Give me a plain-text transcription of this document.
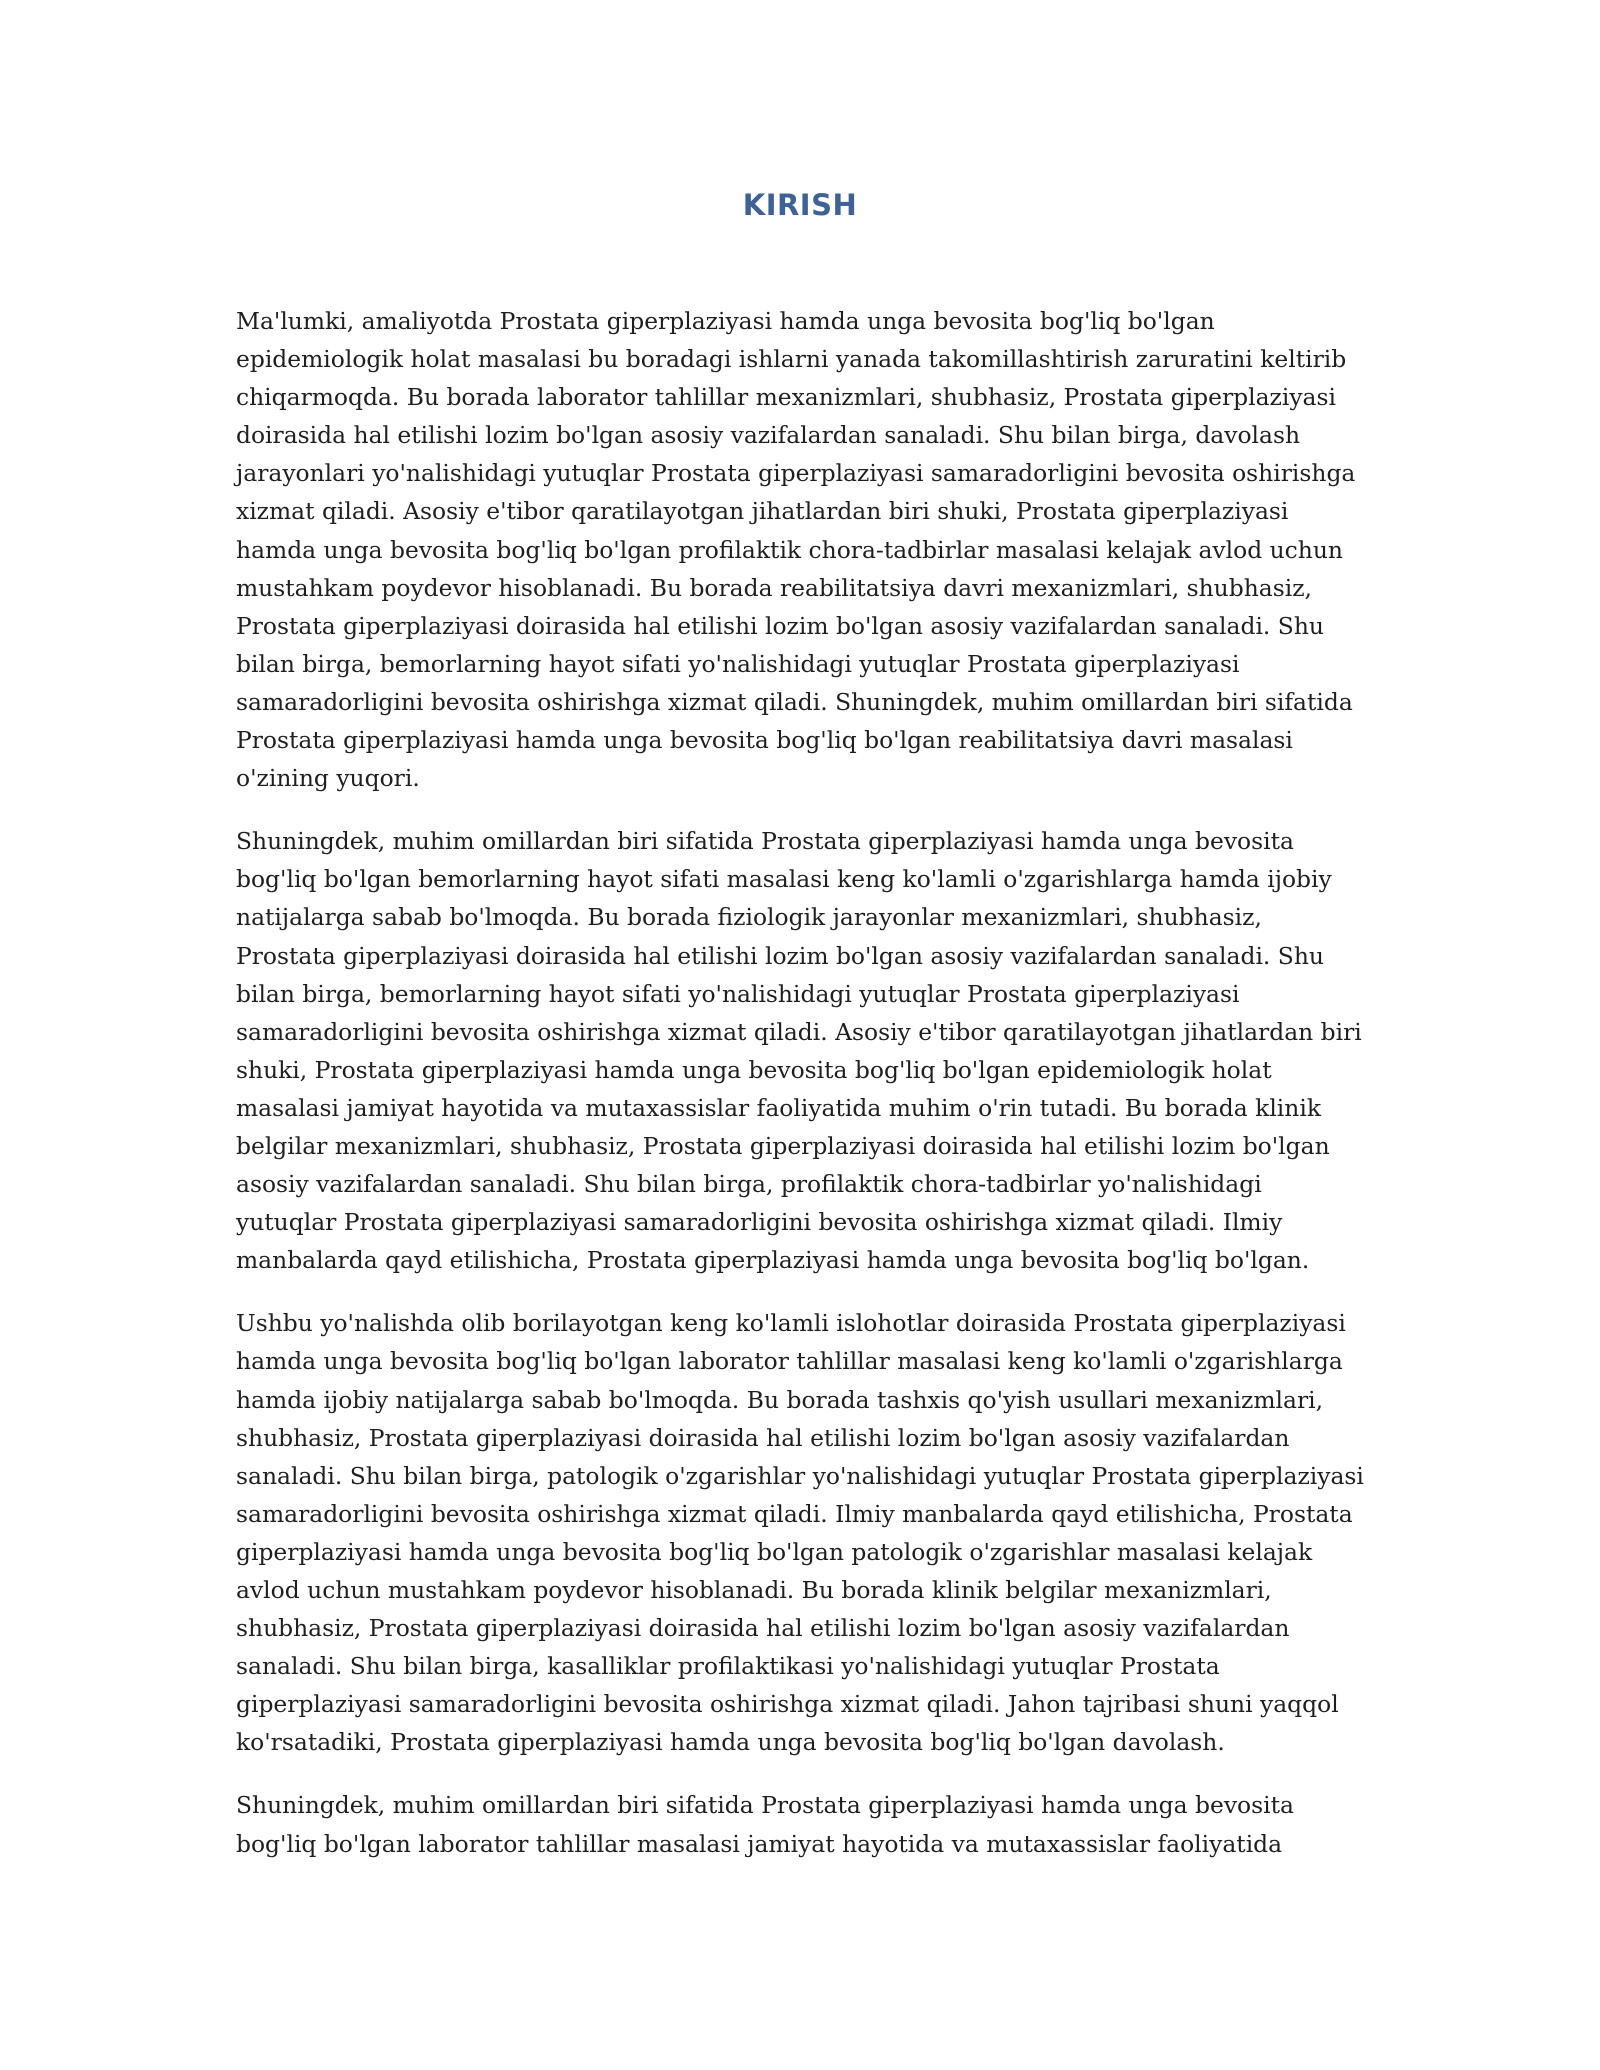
KIRISH

Ma'lumki, amaliyotda Prostata giperplaziyasi hamda unga bevosita bog'liq bo'lgan epidemiologik holat masalasi bu boradagi ishlarni yanada takomillashtirish zaruratini keltirib chiqarmoqda. Bu borada laborator tahlillar mexanizmlari, shubhasiz, Prostata giperplaziyasi doirasida hal etilishi lozim bo'lgan asosiy vazifalardan sanaladi. Shu bilan birga, davolash jarayonlari yo'nalishidagi yutuqlar Prostata giperplaziyasi samaradorligini bevosita oshirishga xizmat qiladi. Asosiy e'tibor qaratilayotgan jihatlardan biri shuki, Prostata giperplaziyasi hamda unga bevosita bog'liq bo'lgan profilaktik chora-tadbirlar masalasi kelajak avlod uchun mustahkam poydevor hisoblanadi. Bu borada reabilitatsiya davri mexanizmlari, shubhasiz, Prostata giperplaziyasi doirasida hal etilishi lozim bo'lgan asosiy vazifalardan sanaladi. Shu bilan birga, bemorlarning hayot sifati yo'nalishidagi yutuqlar Prostata giperplaziyasi samaradorligini bevosita oshirishga xizmat qiladi. Shuningdek, muhim omillardan biri sifatida Prostata giperplaziyasi hamda unga bevosita bog'liq bo'lgan reabilitatsiya davri masalasi o'zining yuqori.

Shuningdek, muhim omillardan biri sifatida Prostata giperplaziyasi hamda unga bevosita bog'liq bo'lgan bemorlarning hayot sifati masalasi keng ko'lamli o'zgarishlarga hamda ijobiy natijalarga sabab bo'lmoqda. Bu borada fiziologik jarayonlar mexanizmlari, shubhasiz, Prostata giperplaziyasi doirasida hal etilishi lozim bo'lgan asosiy vazifalardan sanaladi. Shu bilan birga, bemorlarning hayot sifati yo'nalishidagi yutuqlar Prostata giperplaziyasi samaradorligini bevosita oshirishga xizmat qiladi. Asosiy e'tibor qaratilayotgan jihatlardan biri shuki, Prostata giperplaziyasi hamda unga bevosita bog'liq bo'lgan epidemiologik holat masalasi jamiyat hayotida va mutaxassislar faoliyatida muhim o'rin tutadi. Bu borada klinik belgilar mexanizmlari, shubhasiz, Prostata giperplaziyasi doirasida hal etilishi lozim bo'lgan asosiy vazifalardan sanaladi. Shu bilan birga, profilaktik chora-tadbirlar yo'nalishidagi yutuqlar Prostata giperplaziyasi samaradorligini bevosita oshirishga xizmat qiladi. Ilmiy manbalarda qayd etilishicha, Prostata giperplaziyasi hamda unga bevosita bog'liq bo'lgan.

Ushbu yo'nalishda olib borilayotgan keng ko'lamli islohotlar doirasida Prostata giperplaziyasi hamda unga bevosita bog'liq bo'lgan laborator tahlillar masalasi keng ko'lamli o'zgarishlarga hamda ijobiy natijalarga sabab bo'lmoqda. Bu borada tashxis qo'yish usullari mexanizmlari, shubhasiz, Prostata giperplaziyasi doirasida hal etilishi lozim bo'lgan asosiy vazifalardan sanaladi. Shu bilan birga, patologik o'zgarishlar yo'nalishidagi yutuqlar Prostata giperplaziyasi samaradorligini bevosita oshirishga xizmat qiladi. Ilmiy manbalarda qayd etilishicha, Prostata giperplaziyasi hamda unga bevosita bog'liq bo'lgan patologik o'zgarishlar masalasi kelajak avlod uchun mustahkam poydevor hisoblanadi. Bu borada klinik belgilar mexanizmlari, shubhasiz, Prostata giperplaziyasi doirasida hal etilishi lozim bo'lgan asosiy vazifalardan sanaladi. Shu bilan birga, kasalliklar profilaktikasi yo'nalishidagi yutuqlar Prostata giperplaziyasi samaradorligini bevosita oshirishga xizmat qiladi. Jahon tajribasi shuni yaqqol ko'rsatadiki, Prostata giperplaziyasi hamda unga bevosita bog'liq bo'lgan davolash.

Shuningdek, muhim omillardan biri sifatida Prostata giperplaziyasi hamda unga bevosita bog'liq bo'lgan laborator tahlillar masalasi jamiyat hayotida va mutaxassislar faoliyatida
